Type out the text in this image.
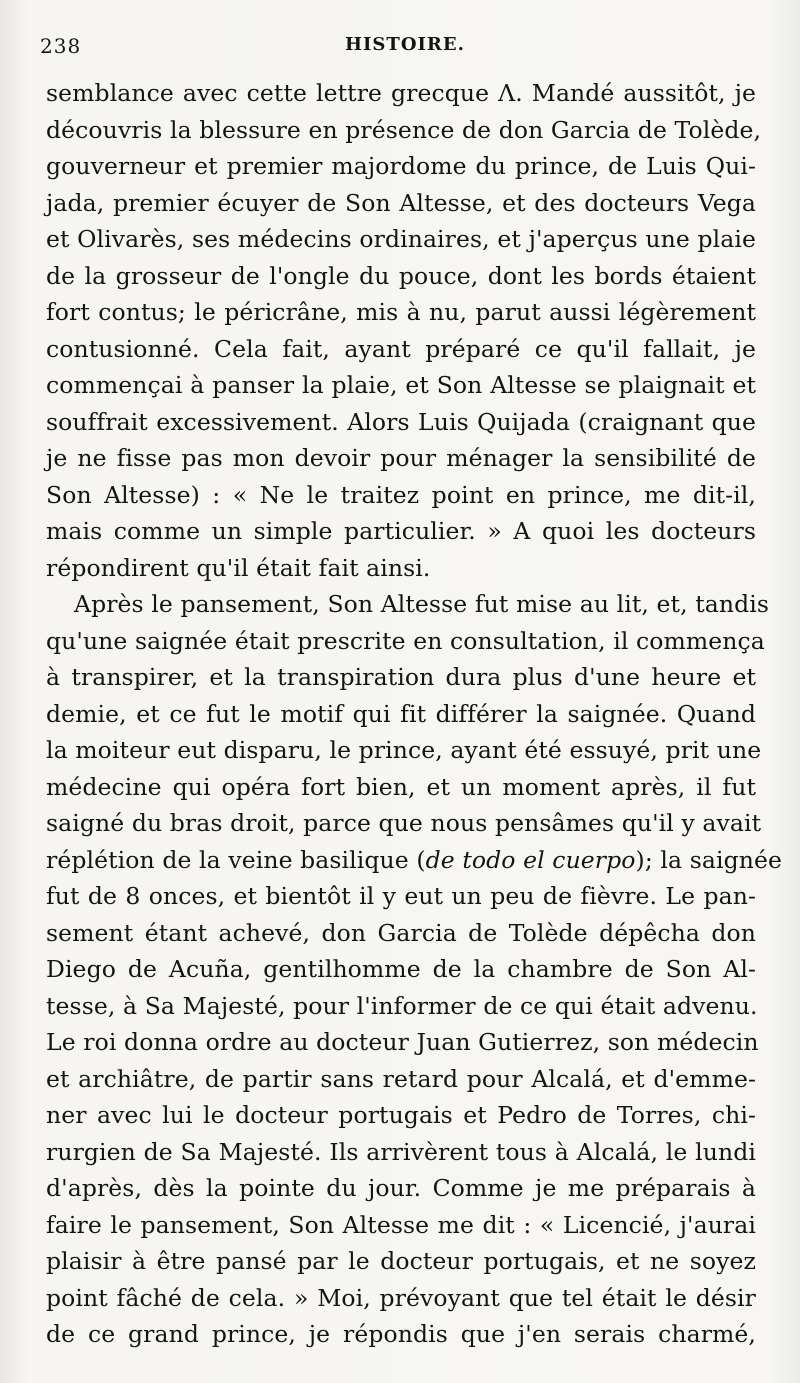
238	HISTOIRE.
semblance avec cette lettre grecque Λ. Mandé aussitôt, je
découvris la blessure en présence de don Garcia de Tolède,
gouverneur et premier majordome du prince, de Luis Qui-
jada, premier écuyer de Son Altesse, et des docteurs Vega
et Olivarès, ses médecins ordinaires, et j'aperçus une plaie
de la grosseur de l'ongle du pouce, dont les bords étaient
fort contus; le péricrâne, mis à nu, parut aussi légèrement
contusionné. Cela fait, ayant préparé ce qu'il fallait, je
commençai à panser la plaie, et Son Altesse se plaignait et
souffrait excessivement. Alors Luis Quijada (craignant que
je ne fisse pas mon devoir pour ménager la sensibilité de
Son Altesse) : « Ne le traitez point en prince, me dit-il,
mais comme un simple particulier. » A quoi les docteurs
répondirent qu'il était fait ainsi.
Après le pansement, Son Altesse fut mise au lit, et, tandis
qu'une saignée était prescrite en consultation, il commença
à transpirer, et la transpiration dura plus d'une heure et
demie, et ce fut le motif qui fit différer la saignée. Quand
la moiteur eut disparu, le prince, ayant été essuyé, prit une
médecine qui opéra fort bien, et un moment après, il fut
saigné du bras droit, parce que nous pensâmes qu'il y avait
réplétion de la veine basilique (de todo el cuerpo); la saignée
fut de 8 onces, et bientôt il y eut un peu de fièvre. Le pan-
sement étant achevé, don Garcia de Tolède dépêcha don
Diego de Acuña, gentilhomme de la chambre de Son Al-
tesse, à Sa Majesté, pour l'informer de ce qui était advenu.
Le roi donna ordre au docteur Juan Gutierrez, son médecin
et archiâtre, de partir sans retard pour Alcalá, et d'emme-
ner avec lui le docteur portugais et Pedro de Torres, chi-
rurgien de Sa Majesté. Ils arrivèrent tous à Alcalá, le lundi
d'après, dès la pointe du jour. Comme je me préparais à
faire le pansement, Son Altesse me dit : « Licencié, j'aurai
plaisir à être pansé par le docteur portugais, et ne soyez
point fâché de cela. » Moi, prévoyant que tel était le désir
de ce grand prince, je répondis que j'en serais charmé,
